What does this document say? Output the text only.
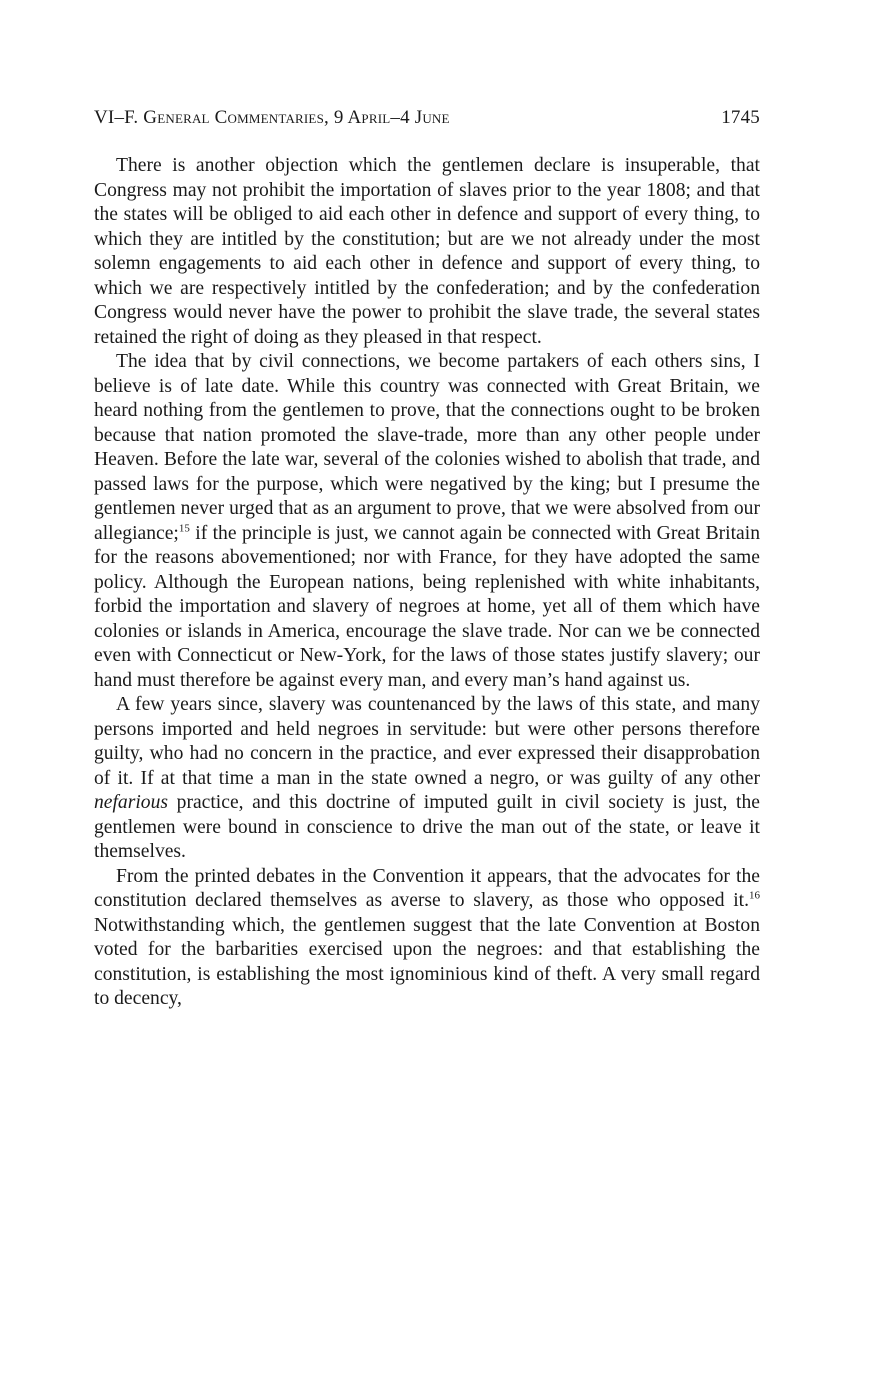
VI–F. General Commentaries, 9 April–4 June	1745

There is another objection which the gentlemen declare is insuperable, that Congress may not prohibit the importation of slaves prior to the year 1808; and that the states will be obliged to aid each other in defence and support of every thing, to which they are intitled by the constitution; but are we not already under the most solemn engagements to aid each other in defence and support of every thing, to which we are respectively intitled by the confederation; and by the confederation Congress would never have the power to prohibit the slave trade, the several states retained the right of doing as they pleased in that respect.

The idea that by civil connections, we become partakers of each others sins, I believe is of late date. While this country was connected with Great Britain, we heard nothing from the gentlemen to prove, that the connections ought to be broken because that nation promoted the slave-trade, more than any other people under Heaven. Before the late war, several of the colonies wished to abolish that trade, and passed laws for the purpose, which were negatived by the king; but I presume the gentlemen never urged that as an argument to prove, that we were absolved from our allegiance;$^{15}$ if the principle is just, we cannot again be connected with Great Britain for the reasons abovementioned; nor with France, for they have adopted the same policy. Although the European nations, being replenished with white inhabitants, forbid the importation and slavery of negroes at home, yet all of them which have colonies or islands in America, encourage the slave trade. Nor can we be connected even with Connecticut or New-York, for the laws of those states justify slavery; our hand must therefore be against every man, and every man’s hand against us.

A few years since, slavery was countenanced by the laws of this state, and many persons imported and held negroes in servitude: but were other persons therefore guilty, who had no concern in the practice, and ever expressed their disapprobation of it. If at that time a man in the state owned a negro, or was guilty of any other nefarious practice, and this doctrine of imputed guilt in civil society is just, the gentlemen were bound in conscience to drive the man out of the state, or leave it themselves.

From the printed debates in the Convention it appears, that the advocates for the constitution declared themselves as averse to slavery, as those who opposed it.$^{16}$ Notwithstanding which, the gentlemen suggest that the late Convention at Boston voted for the barbarities exercised upon the negroes: and that establishing the constitution, is establishing the most ignominious kind of theft. A very small regard to decency,
